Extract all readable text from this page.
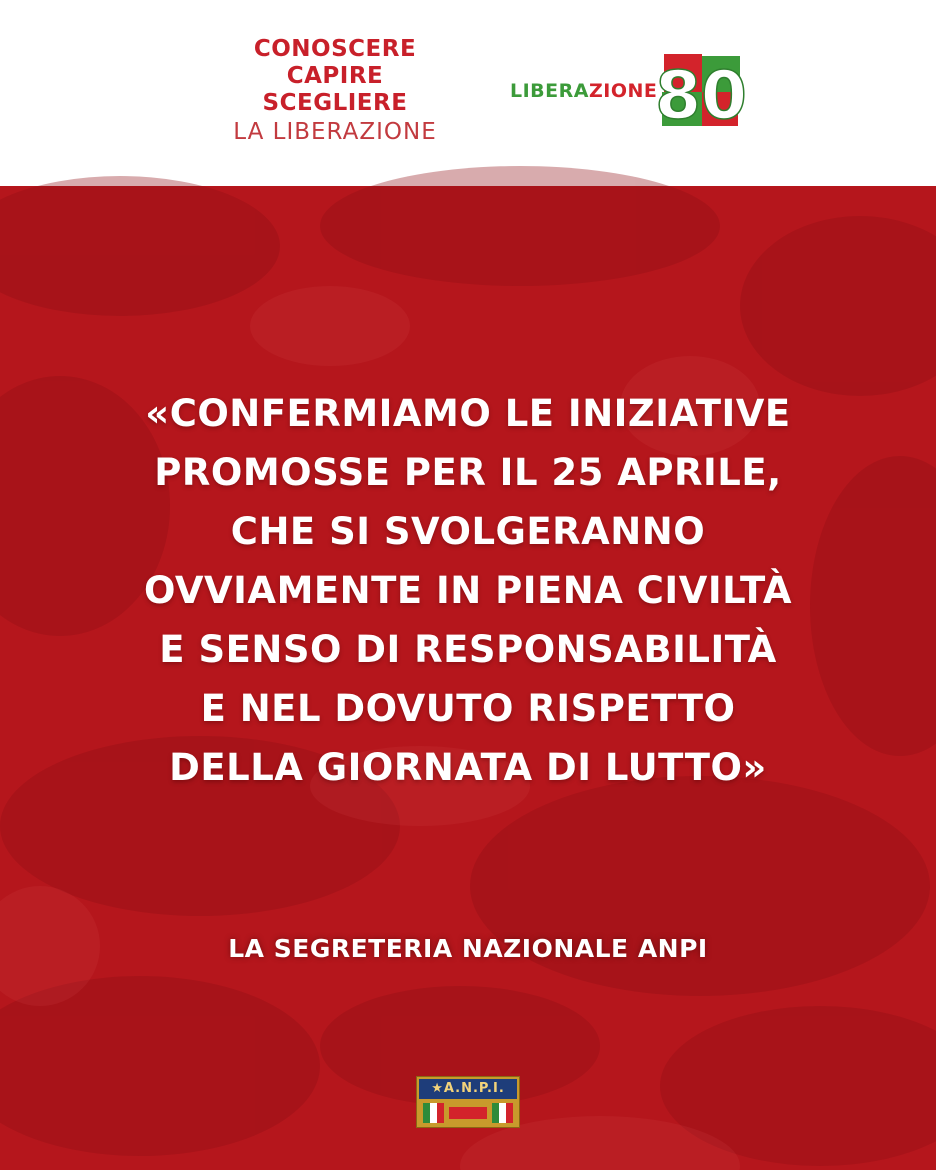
CONOSCERE
CAPIRE
SCEGLIERE
LA LIBERAZIONE
LIBERAZIONE
80
«CONFERMIAMO LE INIZIATIVE
PROMOSSE PER IL 25 APRILE,
CHE SI SVOLGERANNO
OVVIAMENTE IN PIENA CIVILTÀ
E SENSO DI RESPONSABILITÀ
E NEL DOVUTO RISPETTO
DELLA GIORNATA DI LUTTO»
LA SEGRETERIA NAZIONALE ANPI
★A.N.P.I.
